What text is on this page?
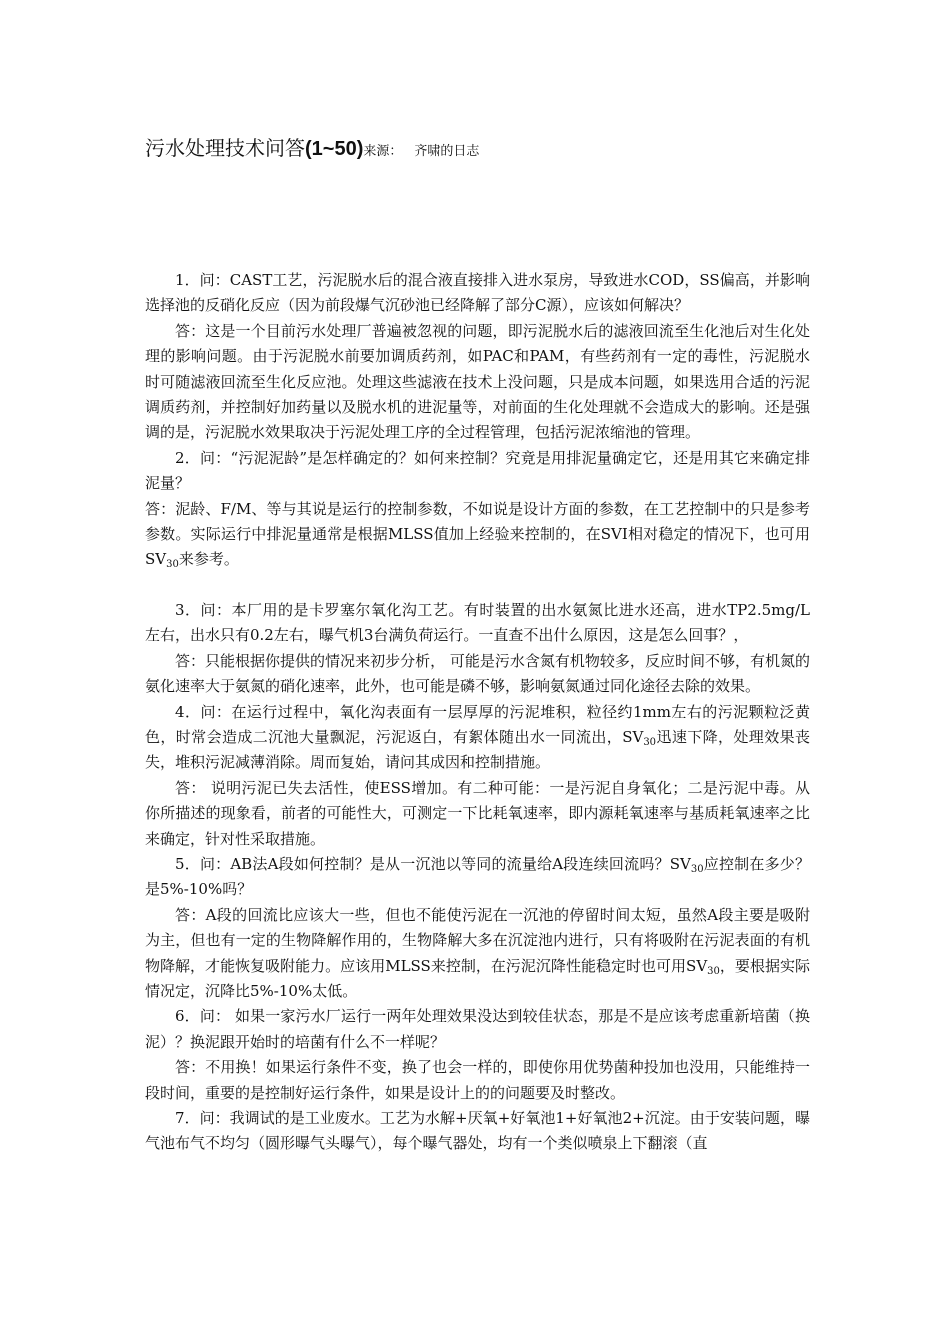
污水处理技术问答(1~50)来源： 齐啸的日志

1．问：CAST工艺，污泥脱水后的混合液直接排入进水泵房，导致进水COD，SS偏高，并影响选择池的反硝化反应（因为前段爆气沉砂池已经降解了部分C源），应该如何解决？

答：这是一个目前污水处理厂普遍被忽视的问题，即污泥脱水后的滤液回流至生化池后对生化处理的影响问题。由于污泥脱水前要加调质药剂，如PAC和PAM，有些药剂有一定的毒性，污泥脱水时可随滤液回流至生化反应池。处理这些滤液在技术上没问题，只是成本问题，如果选用合适的污泥调质药剂，并控制好加药量以及脱水机的进泥量等，对前面的生化处理就不会造成大的影响。还是强调的是，污泥脱水效果取决于污泥处理工序的全过程管理，包括污泥浓缩池的管理。

2．问：“污泥泥龄”是怎样确定的？如何来控制？究竟是用排泥量确定它，还是用其它来确定排泥量？

答：泥龄、F/M、等与其说是运行的控制参数，不如说是设计方面的参数，在工艺控制中的只是参考参数。实际运行中排泥量通常是根据MLSS值加上经验来控制的，在SVI相对稳定的情况下，也可用$SV_{30}$来参考。

3．问：本厂用的是卡罗塞尔氧化沟工艺。有时装置的出水氨氮比进水还高，进水TP2.5mg/L 左右，出水只有0.2左右，曝气机3台满负荷运行。一直查不出什么原因，这是怎么回事？，

答：只能根据你提供的情况来初步分析， 可能是污水含氮有机物较多，反应时间不够，有机氮的氨化速率大于氨氮的硝化速率，此外，也可能是磷不够，影响氨氮通过同化途径去除的效果。

4．问：在运行过程中，氧化沟表面有一层厚厚的污泥堆积，粒径约1mm左右的污泥颗粒泛黄色，时常会造成二沉池大量飘泥，污泥返白，有絮体随出水一同流出，$SV_{30}$迅速下降，处理效果丧失，堆积污泥减薄消除。周而复始，请问其成因和控制措施。

答： 说明污泥已失去活性，使ESS增加。有二种可能：一是污泥自身氧化；二是污泥中毒。从你所描述的现象看，前者的可能性大，可测定一下比耗氧速率，即内源耗氧速率与基质耗氧速率之比来确定，针对性采取措施。

5．问：AB法A段如何控制？是从一沉池以等同的流量给A段连续回流吗？$SV_{30}$应控制在多少？是5%-10%吗？

答：A段的回流比应该大一些，但也不能使污泥在一沉池的停留时间太短，虽然A段主要是吸附为主，但也有一定的生物降解作用的，生物降解大多在沉淀池内进行，只有将吸附在污泥表面的有机物降解，才能恢复吸附能力。应该用MLSS来控制，在污泥沉降性能稳定时也可用$SV_{30}$，要根据实际情况定，沉降比5%-10%太低。

6．问： 如果一家污水厂运行一两年处理效果没达到较佳状态，那是不是应该考虑重新培菌（换泥）？换泥跟开始时的培菌有什么不一样呢？

答：不用换！如果运行条件不变，换了也会一样的，即使你用优势菌种投加也没用，只能维持一段时间，重要的是控制好运行条件，如果是设计上的的问题要及时整改。

7．问：我调试的是工业废水。工艺为水解+厌氧+好氧池1+好氧池2+沉淀。由于安装问题，曝气池布气不均匀（圆形曝气头曝气），每个曝气器处，均有一个类似喷泉上下翻滚（直
